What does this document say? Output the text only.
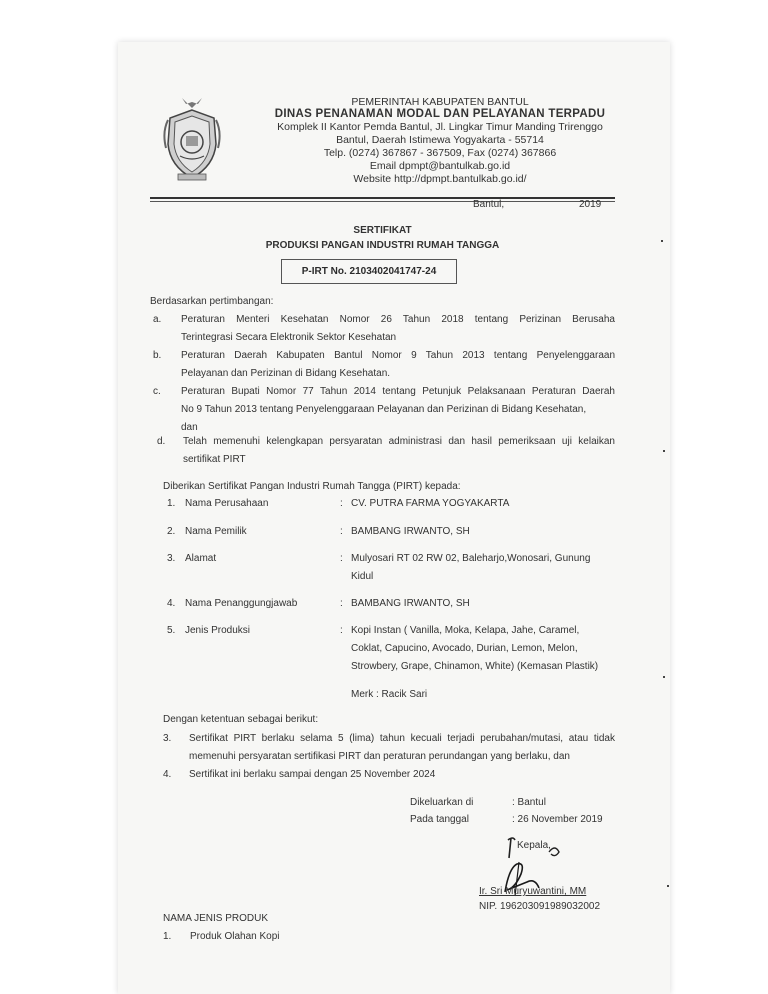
PEMERINTAH KABUPATEN BANTUL
DINAS PENANAMAN MODAL DAN PELAYANAN TERPADU
Komplek II Kantor Pemda Bantul, Jl. Lingkar Timur Manding Trirenggo
Bantul, Daerah Istimewa Yogyakarta - 55714
Telp. (0274) 367867 - 367509, Fax (0274) 367866
Email dpmpt@bantulkab.go.id
Website http://dpmpt.bantulkab.go.id/
Bantul,	2019
SERTIFIKAT
PRODUKSI PANGAN INDUSTRI RUMAH TANGGA
P-IRT No. 2103402041747-24
Berdasarkan pertimbangan:
a. Peraturan Menteri Kesehatan Nomor 26 Tahun 2018 tentang Perizinan Berusaha
Terintegrasi Secara Elektronik Sektor Kesehatan
b. Peraturan Daerah Kabupaten Bantul Nomor 9 Tahun 2013 tentang Penyelenggaraan
Pelayanan dan Perizinan di Bidang Kesehatan.
c. Peraturan Bupati Nomor 77 Tahun 2014 tentang Petunjuk Pelaksanaan Peraturan Daerah
No 9 Tahun 2013 tentang Penyelenggaraan Pelayanan dan Perizinan di Bidang Kesehatan,
dan
d. Telah memenuhi kelengkapan persyaratan administrasi dan hasil pemeriksaan uji kelaikan
sertifikat PIRT
Diberikan Sertifikat Pangan Industri Rumah Tangga (PIRT) kepada:
1. Nama Perusahaan	: CV. PUTRA FARMA YOGYAKARTA
2. Nama Pemilik	: BAMBANG IRWANTO, SH
3. Alamat	: Mulyosari RT 02 RW 02, Baleharjo,Wonosari, Gunung
Kidul
4. Nama Penanggungjawab	: BAMBANG IRWANTO, SH
5. Jenis Produksi	: Kopi Instan ( Vanilla, Moka, Kelapa, Jahe, Caramel,
Coklat, Capucino, Avocado, Durian, Lemon, Melon,
Strowbery, Grape, Chinamon, White) (Kemasan Plastik)
Merk : Racik Sari
Dengan ketentuan sebagai berikut:
3. Sertifikat PIRT berlaku selama 5 (lima) tahun kecuali terjadi perubahan/mutasi, atau tidak
memenuhi persyaratan sertifikasi PIRT dan peraturan perundangan yang berlaku, dan
4. Sertifikat ini berlaku sampai dengan 25 November 2024
Dikeluarkan di	: Bantul
Pada tanggal	: 26 November 2019
Kepala,
Ir. Sri Muryuwantini, MM
NIP. 196203091989032002
NAMA JENIS PRODUK
1. Produk Olahan Kopi
